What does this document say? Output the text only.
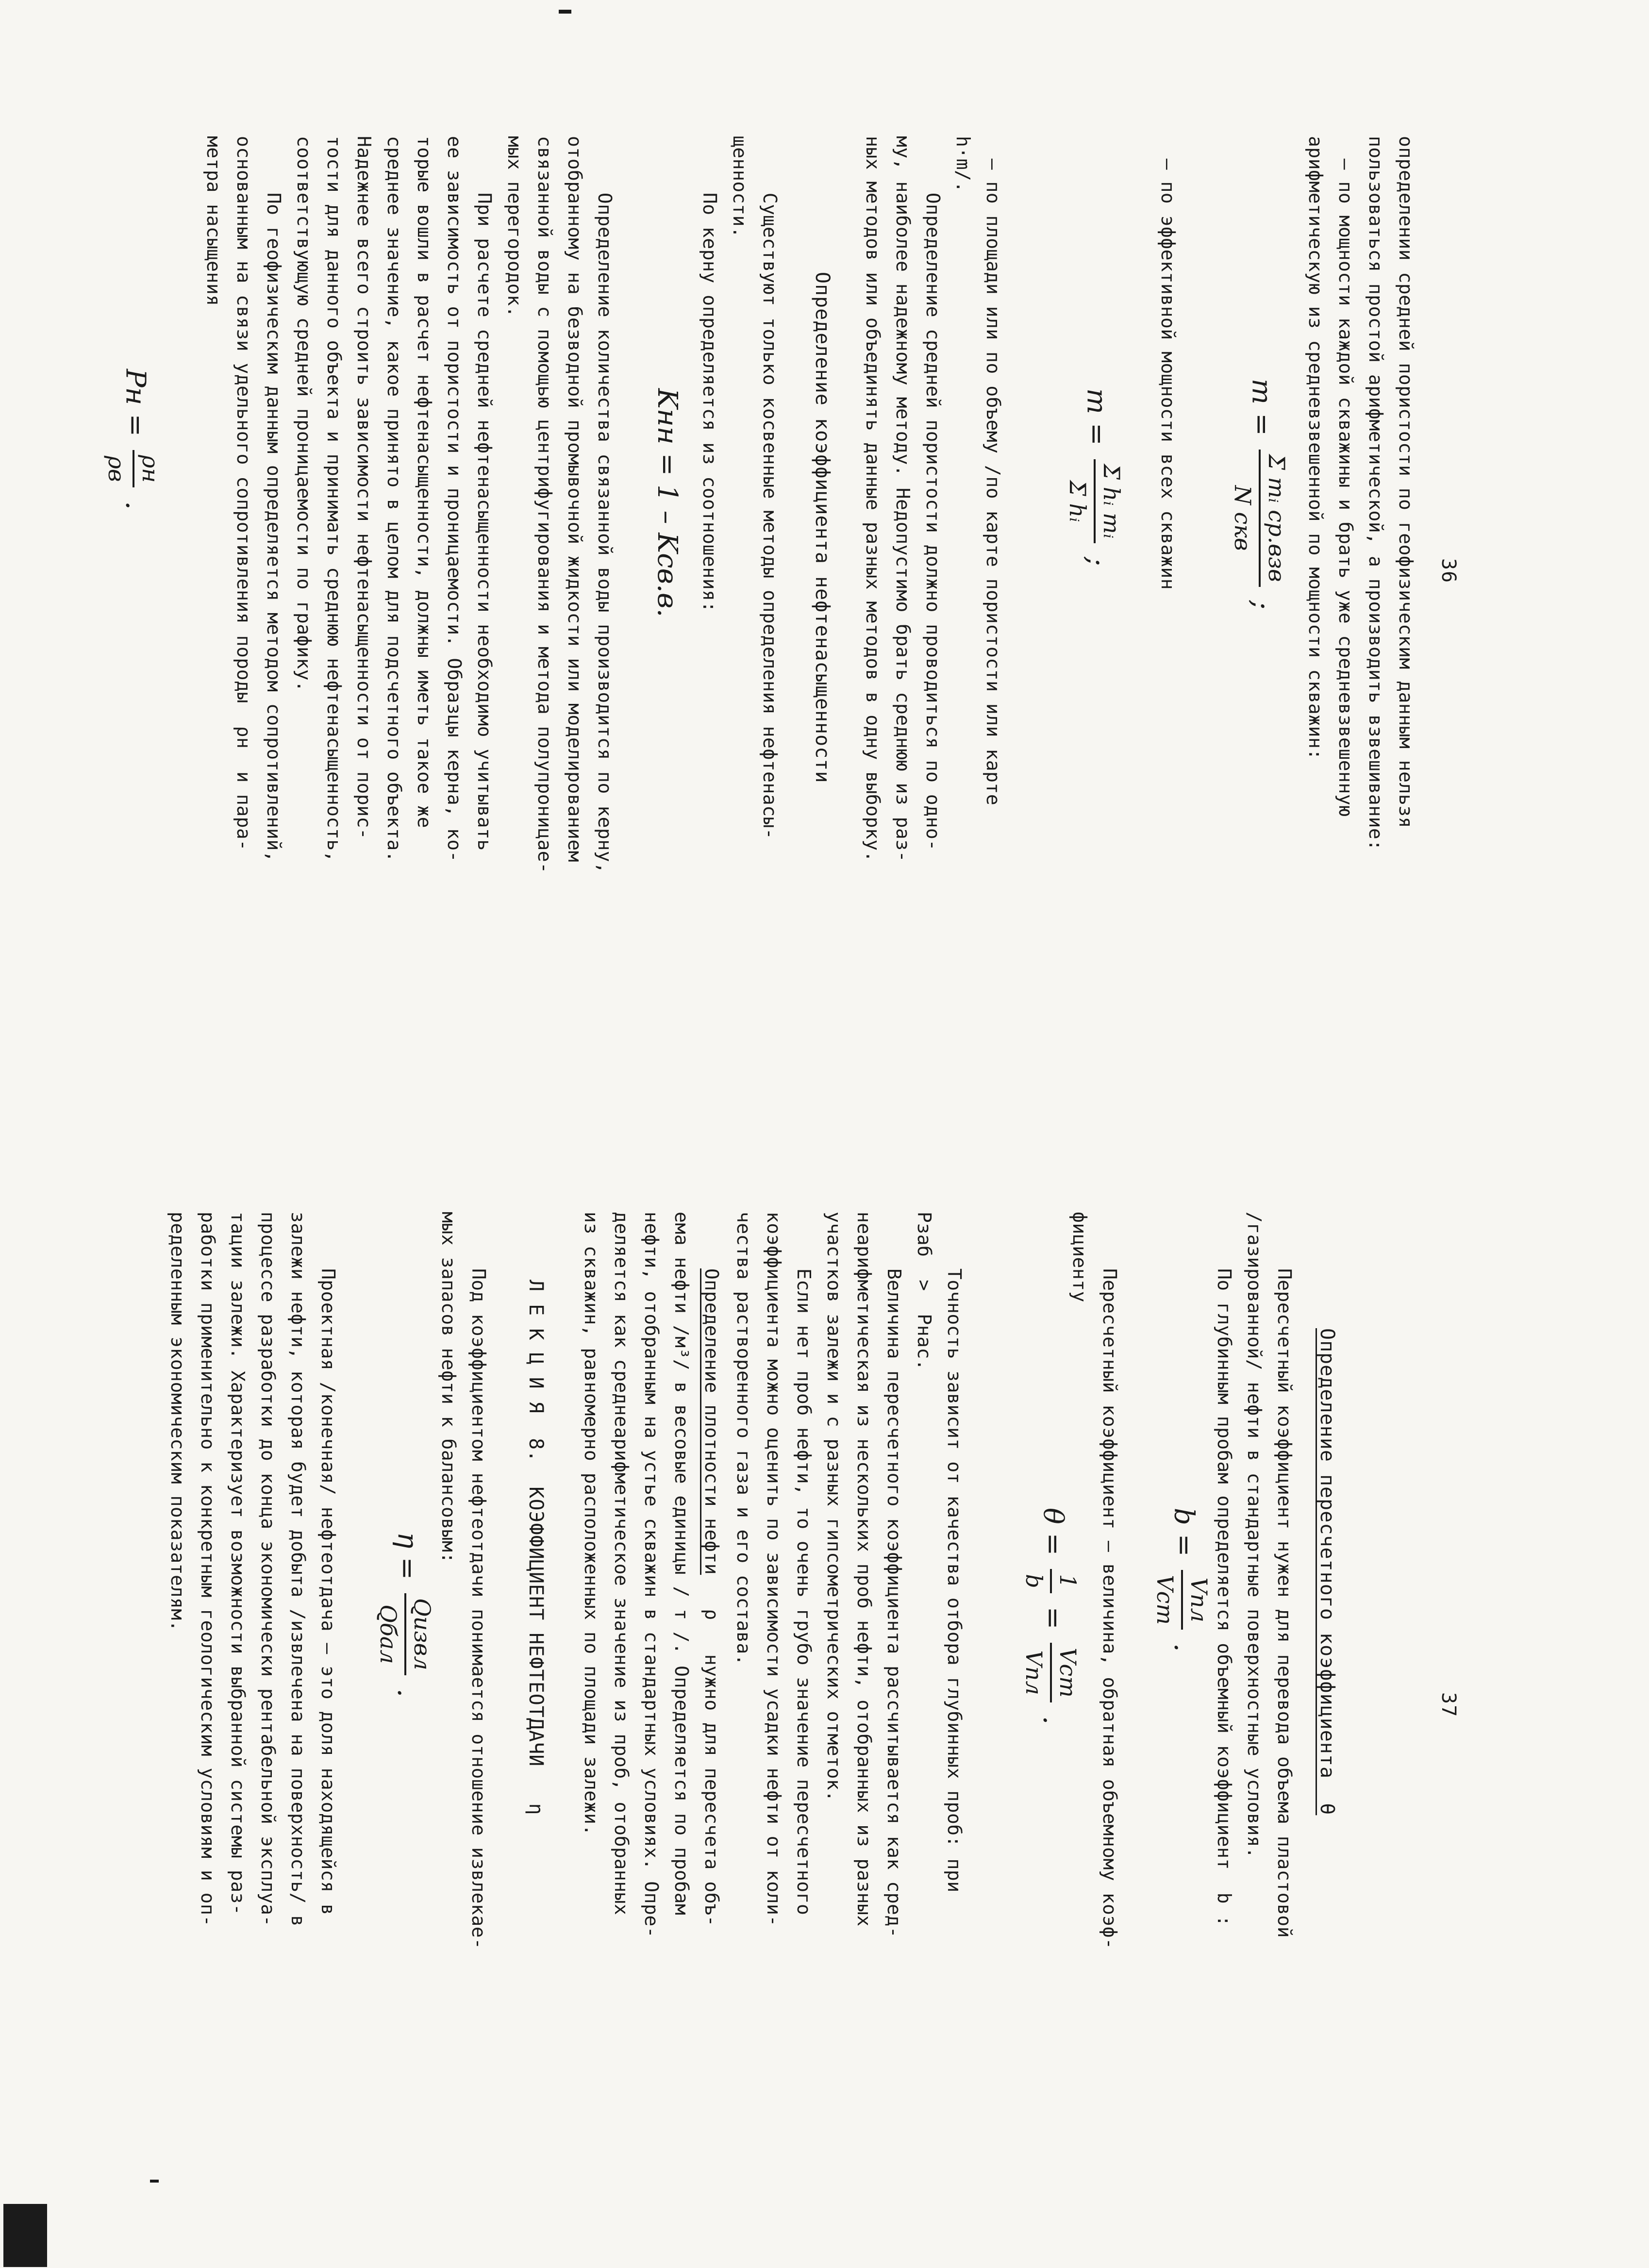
36
определении средней пористости по геофизическим данным нельзя
пользоваться простой арифметической, а производить взвешивание:
– по мощности каждой скважины и брать уже средневзвешенную
арифметическую из средневзвешенной по мощности скважин:
m =
Σ mᵢ ср.взв
N скв
;
– по эффективной мощности всех скважин
m =
Σ hᵢ mᵢ
Σ hᵢ
;
– по площади или по объему /по карте пористости или карте
h·m/.
Определение средней пористости должно проводиться по одно-
му, наиболее надежному методу. Недопустимо брать среднюю из раз-
ных методов или объединять данные разных методов в одну выборку.
Определение коэффициента нефтенасыщенности
Существуют только косвенные методы определения нефтенасы-
щенности.
По керну определяется из соотношения:
Kнн = 1 – Kсв.в.
Определение количества связанной воды производится по керну,
отобранному на безводной промывочной жидкости или моделированием
связанной воды с помощью центрифугирования и метода полупроницае-
мых перегородок.
При расчете средней нефтенасыщенности необходимо учитывать
ее зависимость от пористости и проницаемости. Образцы керна, ко-
торые вошли в расчет нефтенасыщенности, должны иметь такое же
среднее значение, какое принято в целом для подсчетного объекта.
Надежнее всего строить зависимости нефтенасыщенности от порис-
тости для данного объекта и принимать среднюю нефтенасыщенность,
соответствующую средней проницаемости по графику.
По геофизическим данным определяется методом сопротивлений,
основанным на связи удельного сопротивления породы  ρн  и пара-
метра насыщения
Pн =
ρн
ρв
.
37
Определение пересчетного коэффициента  θ
Пересчетный коэффициент нужен для перевода объема пластовой
/газированной/ нефти в стандартные поверхностные условия.
По глубинным пробам определяется объемный коэффициент  b :
b =
Vпл
Vст
.
Пересчетный коэффициент – величина, обратная объемному коэф-
фициенту
θ =
1
b
=
Vст
Vпл
.
Точность зависит от качества отбора глубинных проб: при
Pзаб  >  Pнас.
Величина пересчетного коэффициента рассчитывается как сред-
неарифметическая из нескольких проб нефти, отобранных из разных
участков залежи и с разных гипсометрических отметок.
Если нет проб нефти, то очень грубо значение пересчетного
коэффициента можно оценить по зависимости усадки нефти от коли-
чества растворенного газа и его состава.
Определение плотности нефти   ρ   нужно для пересчета объ-
ема нефти /м³/ в весовые единицы / т /. Определяется по пробам
нефти, отобранным на устье скважин в стандартных условиях. Опре-
деляется как среднеарифметическое значение из проб, отобранных
из скважин, равномерно расположенных по площади залежи.
Л Е К Ц И Я  8.  КОЭФФИЦИЕНТ НЕФТЕОТДАЧИ   η
Под коэффициентом нефтеотдачи понимается отношение извлекае-
мых запасов нефти к балансовым:
η =
Qизвл
Qбал
.
Проектная /конечная/ нефтеотдача – это доля находящейся в
залежи нефти, которая будет добыта /извлечена на поверхность/ в
процессе разработки до конца экономически рентабельной эксплуа-
тации залежи. Характеризует возможности выбранной системы раз-
работки применительно к конкретным геологическим условиям и оп-
ределенным экономическим показателям.
